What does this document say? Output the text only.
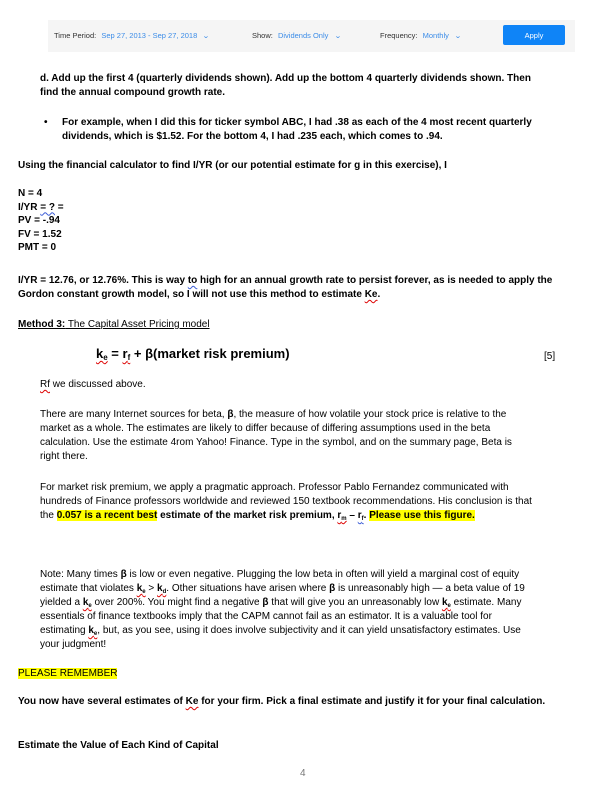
Time Period: Sep 27, 2013 - Sep 27, 2018 ⌄	Show: Dividends Only ⌄	Frequency: Monthly ⌄	Apply

d. Add up the first 4 (quarterly dividends shown). Add up the bottom 4 quarterly dividends shown. Then

find the annual compound growth rate.

• For example, when I did this for ticker symbol ABC, I had .38 as each of the 4 most recent quarterly

dividends, which is $1.52. For the bottom 4, I had .235 each, which comes to .94.

Using the financial calculator to find I/YR (or our potential estimate for g in this exercise), I

N = 4

I/YR = ? =

PV = -.94

FV = 1.52

PMT = 0

I/YR = 12.76, or 12.76%. This is way to high for an annual growth rate to persist forever, as is needed to apply the

Gordon constant growth model, so I will not use this method to estimate Ke.

Method 3: The Capital Asset Pricing model

$k_e = r_f$ + β(market risk premium)	[5]

Rf we discussed above.

There are many Internet sources for beta, β, the measure of how volatile your stock price is relative to the

market as a whole. The estimates are likely to differ because of differing assumptions used in the beta

calculation. Use the estimate 4rom Yahoo! Finance. Type in the symbol, and on the summary page, Beta is

right there.

For market risk premium, we apply a pragmatic approach. Professor Pablo Fernandez communicated with

hundreds of Finance professors worldwide and reviewed 150 textbook recommendations. His conclusion is that

the 0.057 is a recent best estimate of the market risk premium, $r_m - r_f$. Please use this figure.

Note: Many times β is low or even negative. Plugging the low beta in often will yield a marginal cost of equity

estimate that violates $k_e > k_d$. Other situations have arisen where β is unreasonably high — a beta value of 19

yielded a $k_e$ over 200%. You might find a negative β that will give you an unreasonably low $k_e$ estimate. Many

essentials of finance textbooks imply that the CAPM cannot fail as an estimator. It is a valuable tool for

estimating $k_e$, but, as you see, using it does involve subjectivity and it can yield unsatisfactory estimates. Use

your judgment!

PLEASE REMEMBER

You now have several estimates of Ke for your firm. Pick a final estimate and justify it for your final calculation.

Estimate the Value of Each Kind of Capital

4
